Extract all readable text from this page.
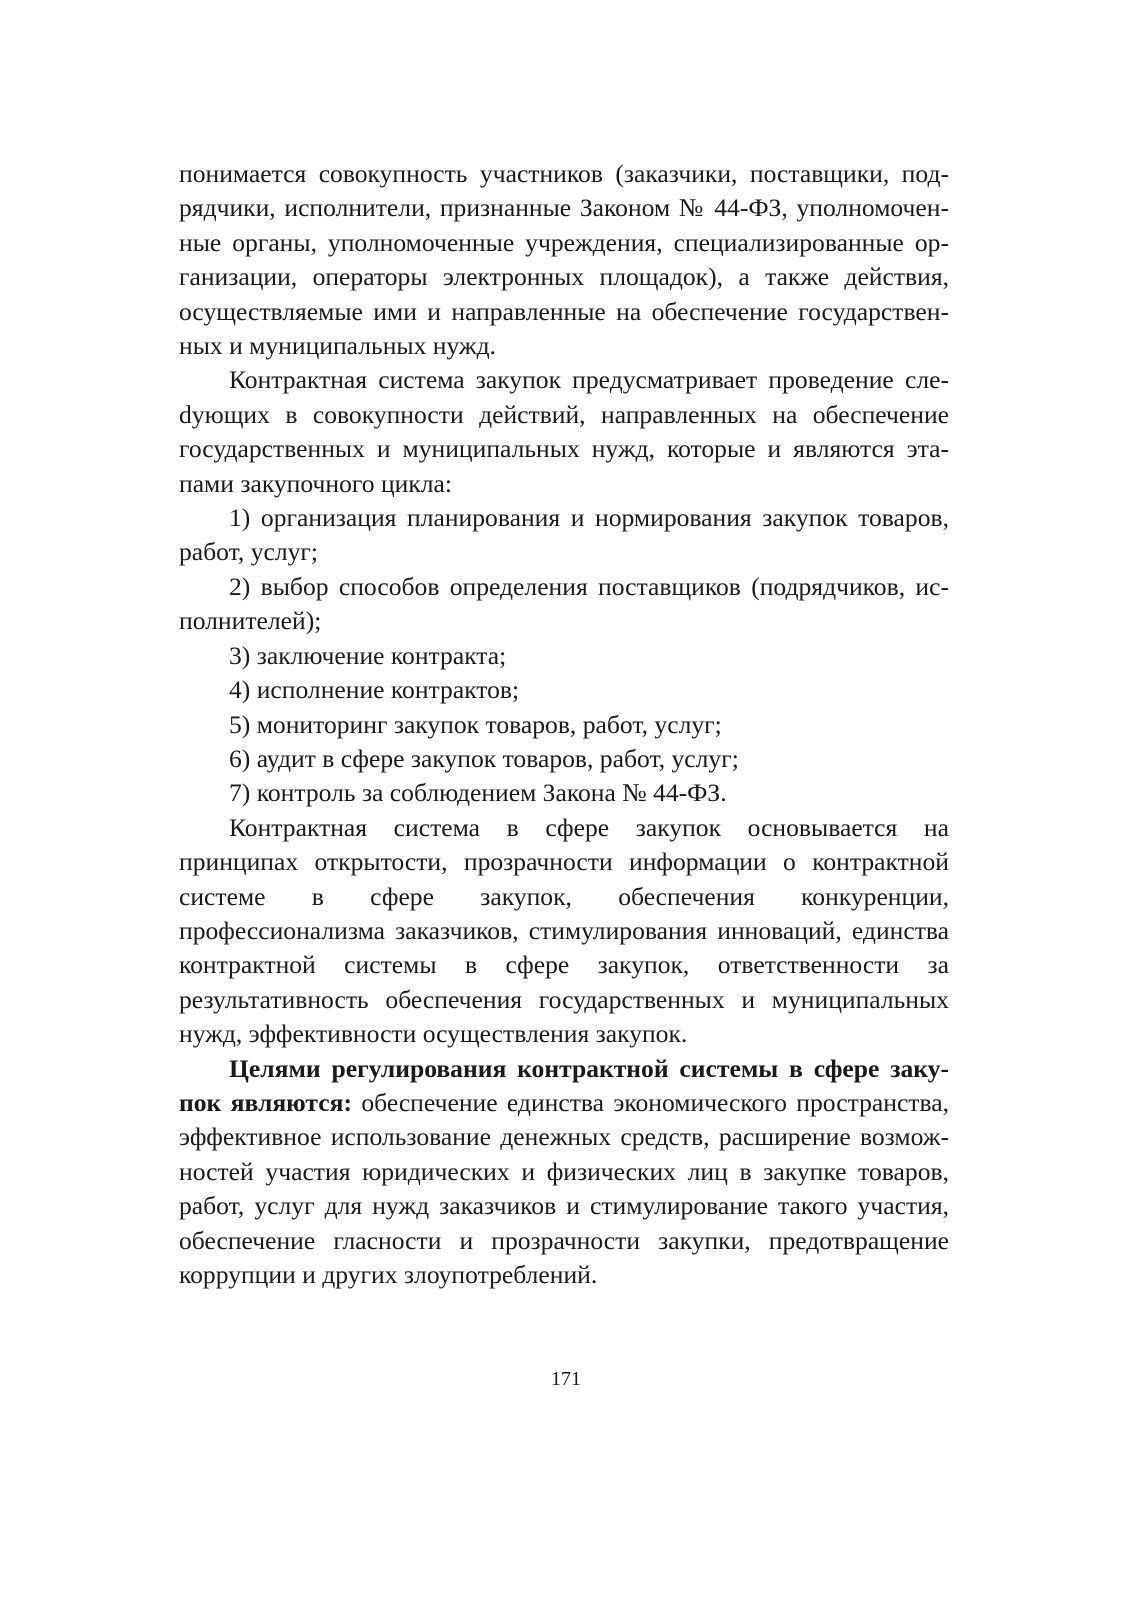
понимается совокупность участников (заказчики, поставщики, подрядчики, исполнители, признанные Законом № 44-ФЗ, уполномоченные органы, уполномоченные учреждения, специализированные организации, операторы электронных площадок), а также действия, осуществляемые ими и направленные на обеспечение государственных и муниципальных нужд.

Контрактная система закупок предусматривает проведение слеdующих в совокупности действий, направленных на обеспечение государственных и муниципальных нужд, которые и являются этапами закупочного цикла:

1) организация планирования и нормирования закупок товаров, работ, услуг;

2) выбор способов определения поставщиков (подрядчиков, исполнителей);

3) заключение контракта;

4) исполнение контрактов;

5) мониторинг закупок товаров, работ, услуг;

6) аудит в сфере закупок товаров, работ, услуг;

7) контроль за соблюдением Закона № 44-ФЗ.

Контрактная система в сфере закупок основывается на принципах открытости, прозрачности информации о контрактной системе в сфере закупок, обеспечения конкуренции, профессионализма заказчиков, стимулирования инноваций, единства контрактной системы в сфере закупок, ответственности за результативность обеспечения государственных и муниципальных нужд, эффективности осуществления закупок.

Целями регулирования контрактной системы в сфере закупок являются: обеспечение единства экономического пространства, эффективное использование денежных средств, расширение возможностей участия юридических и физических лиц в закупке товаров, работ, услуг для нужд заказчиков и стимулирование такого участия, обеспечение гласности и прозрачности закупки, предотвращение коррупции и других злоупотреблений.

171
